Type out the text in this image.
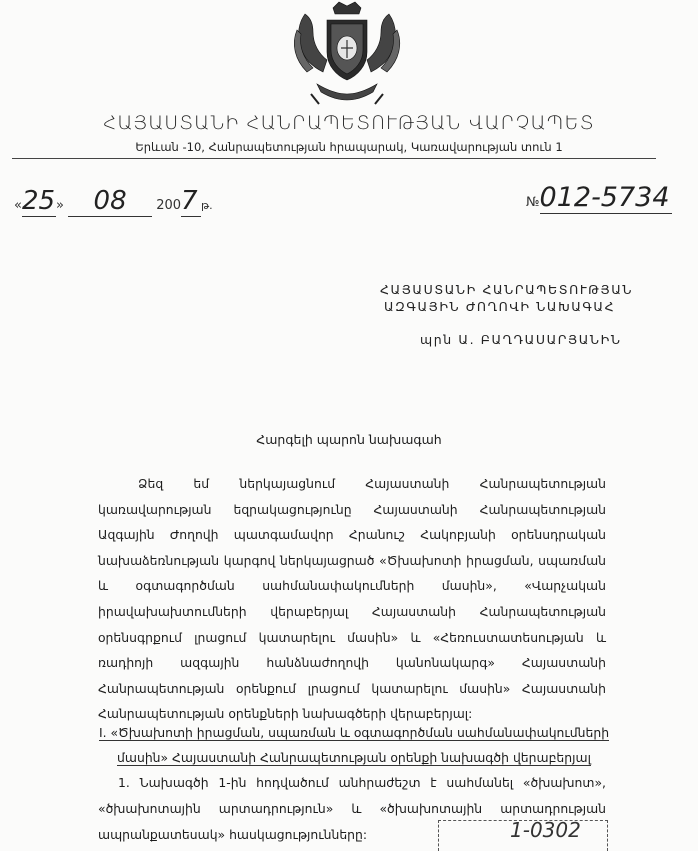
ՀԱՅԱՍՏԱՆԻ ՀԱՆՐԱՊԵՏՈՒԹՅԱՆ ՎԱՐՉԱՊԵՏ
Երևան -10, Հանրապետության հրապարակ, Կառավարության տուն 1
«25» 08 2007 թ.	№012-5734
ՀԱՅԱՍՏԱՆԻ ՀԱՆՐԱՊԵՏՈՒԹՅԱՆ
ԱԶԳԱՅԻՆ ԺՈՂՈՎԻ ՆԱԽԱԳԱՀ
պրն Ա. ԲԱՂԴԱՍԱՐՅԱՆԻՆ
Հարգելի պարոն նախագահ
Ձեզ եմ ներկայացնում Հայաստանի Հանրապետության կառավարության եզրակացությունը Հայաստանի Հանրապետության Ազգային Ժողովի պատգամավոր Հրանուշ Հակոբյանի օրենսդրական նախաձեռնության կարգով ներկայացրած «Ծխախոտի իրացման, սպառման և օգտագործման սահմանափակումների մասին», «Վարչական իրավախախտումների վերաբերյալ Հայաստանի Հանրապետության օրենսգրքում լրացում կատարելու մասին» և «Հեռուստատեսության և ռադիոյի ազգային հանձնաժողովի կանոնակարգ» Հայաստանի Հանրապետության օրենքում լրացում կատարելու մասին» Հայաստանի Հանրապետության օրենքների նախագծերի վերաբերյալ:
I. «Ծխախոտի իրացման, սպառման և օգտագործման սահմանափակումների
մասին» Հայաստանի Հանրապետության օրենքի նախագծի վերաբերյալ
1. Նախագծի 1-ին հոդվածում անհրաժեշտ է սահմանել «ծխախոտ», «ծխախոտային արտադրություն» և «ծխախոտային արտադրության ապրանքատեսակ» հասկացությունները:	1-0302
